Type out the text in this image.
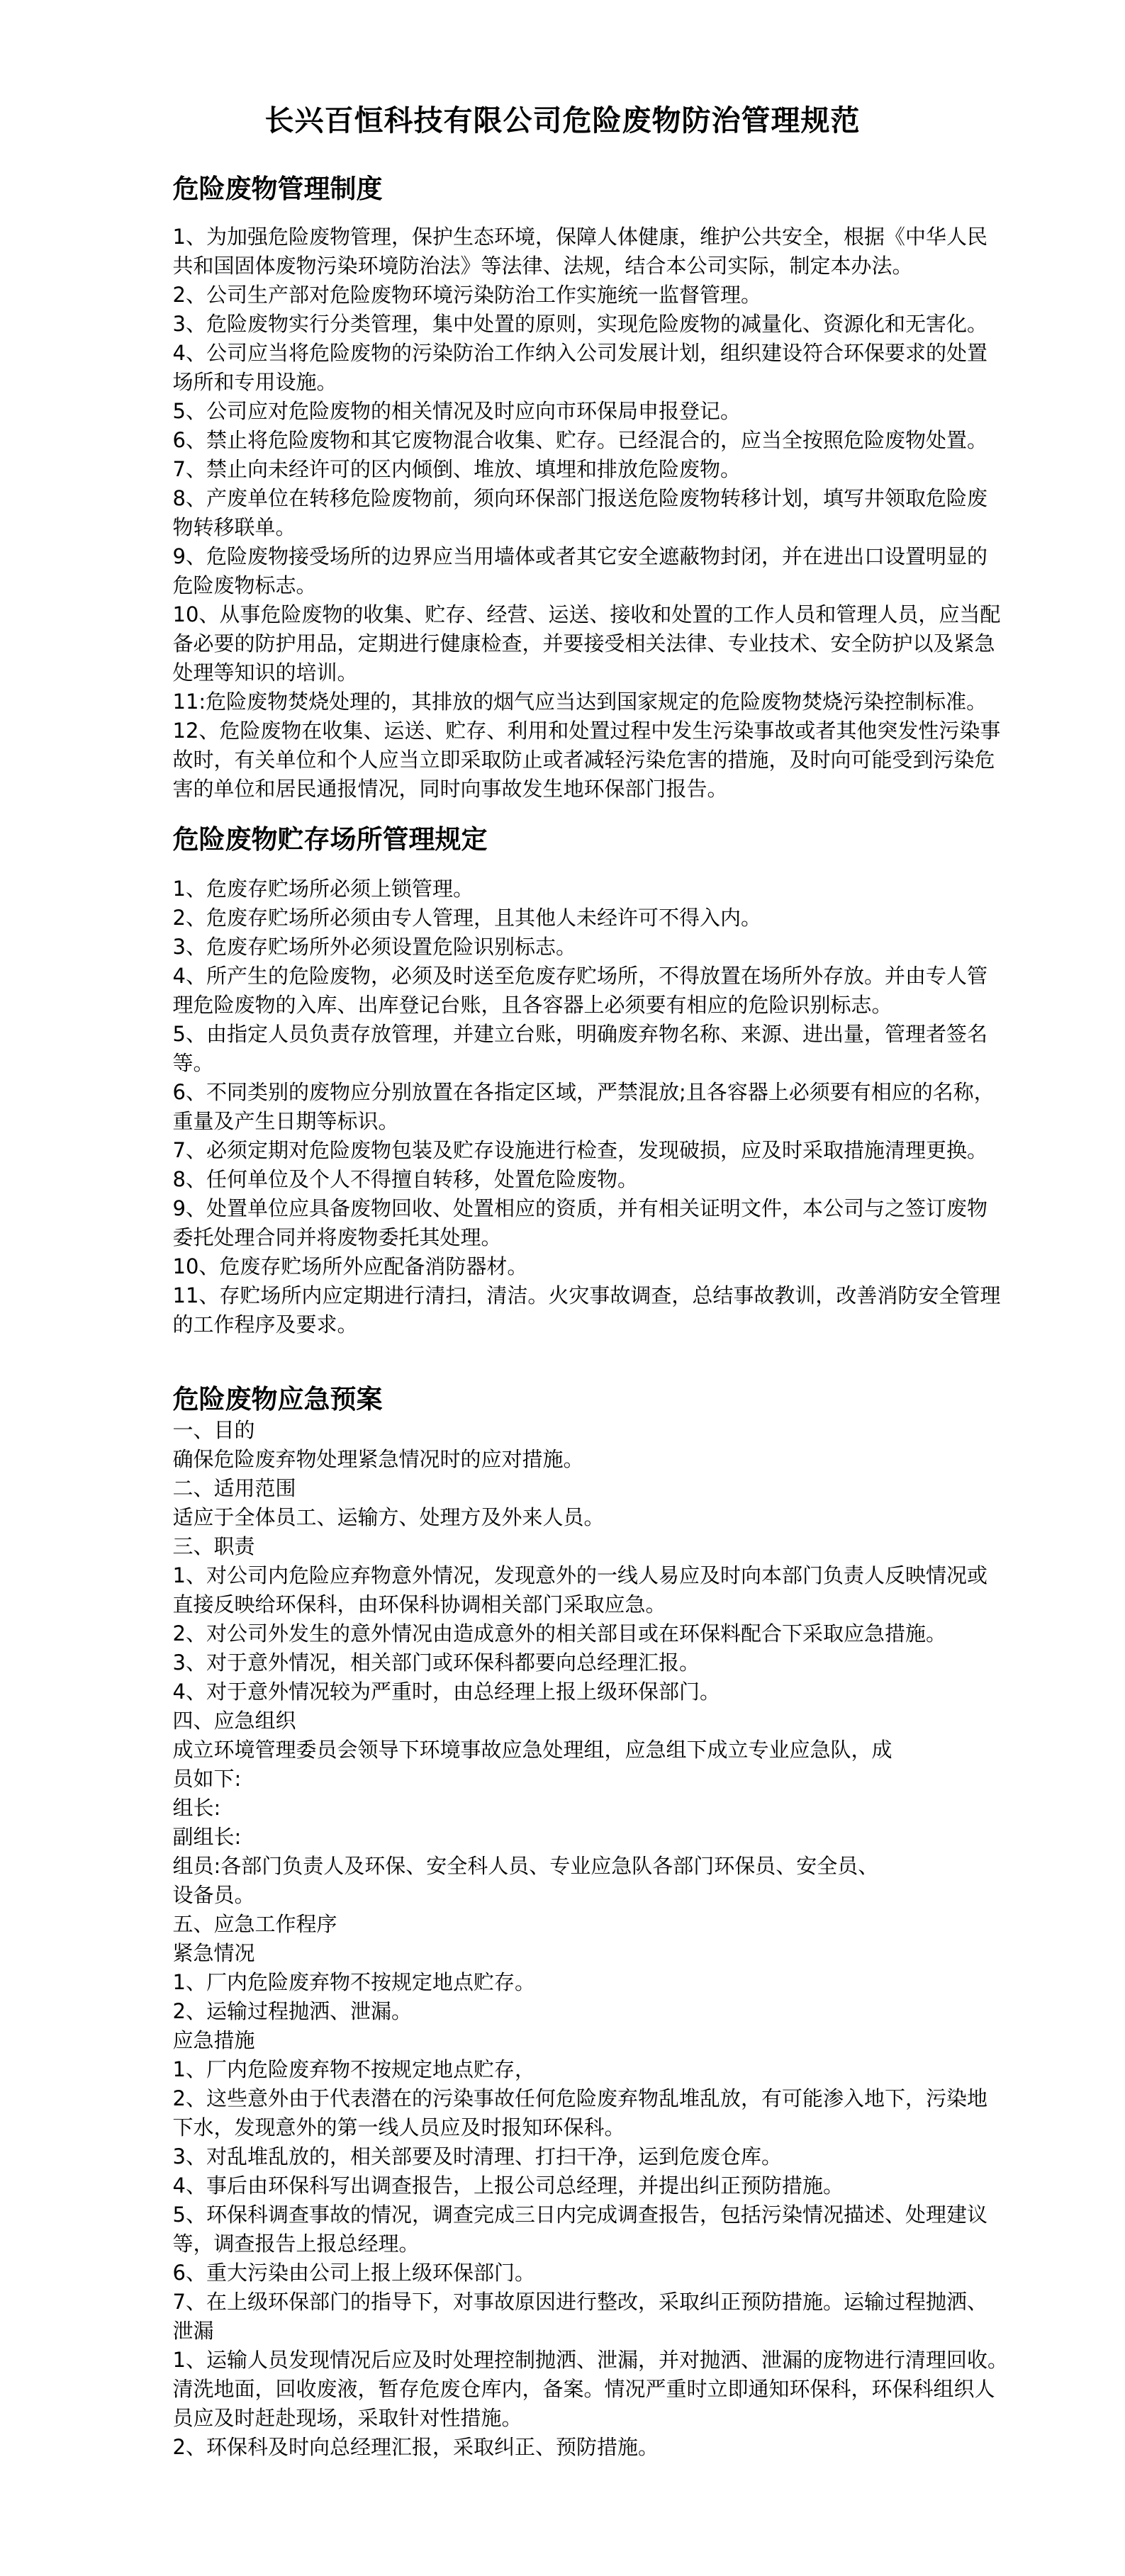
长兴百恒科技有限公司危险废物防治管理规范
危险废物管理制度
1、为加强危险废物管理，保护生态环境，保障人体健康，维护公共安全，根据《中华人民
共和国固体废物污染环境防治法》等法律、法规，结合本公司实际，制定本办法。
2、公司生产部对危险废物环境污染防治工作实施统一监督管理。
3、危险废物实行分类管理，集中处置的原则，实现危险废物的减量化、资源化和无害化。
4、公司应当将危险废物的污染防治工作纳入公司发展计划，组织建设符合环保要求的处置
场所和专用设施。
5、公司应对危险废物的相关情况及时应向市环保局申报登记。
6、禁止将危险废物和其它废物混合收集、贮存。已经混合的，应当全按照危险废物处置。
7、禁止向未经许可的区内倾倒、堆放、填埋和排放危险废物。
8、产废单位在转移危险废物前，须向环保部门报送危险废物转移计划，填写井领取危险废
物转移联单。
9、危险废物接受场所的边界应当用墙体或者其它安全遮蔽物封闭，并在进出口设置明显的
危险废物标志。
10、从事危险废物的收集、贮存、经营、运送、接收和处置的工作人员和管理人员，应当配
备必要的防护用品，定期进行健康检查，并要接受相关法律、专业技术、安全防护以及紧急
处理等知识的培训。
11:危险废物焚烧处理的，其排放的烟气应当达到国家规定的危险废物焚烧污染控制标准。
12、危险废物在收集、运送、贮存、利用和处置过程中发生污染事故或者其他突发性污染事
故时，有关单位和个人应当立即采取防止或者减轻污染危害的措施，及时向可能受到污染危
害的单位和居民通报情况，同时向事故发生地环保部门报告。
危险废物贮存场所管理规定
1、危废存贮场所必须上锁管理。
2、危废存贮场所必须由专人管理，且其他人未经许可不得入内。
3、危废存贮场所外必须设置危险识别标志。
4、所产生的危险废物，必须及时送至危废存贮场所，不得放置在场所外存放。并由专人管
理危险废物的入库、出库登记台账，且各容器上必须要有相应的危险识别标志。
5、由指定人员负责存放管理，并建立台账，明确废弃物名称、来源、进出量，管理者签名
等。
6、不同类别的废物应分别放置在各指定区域，严禁混放;且各容器上必须要有相应的名称，
重量及产生日期等标识。
7、必须定期对危险废物包装及贮存设施进行检查，发现破损，应及时采取措施清理更换。
8、任何单位及个人不得擅自转移，处置危险废物。
9、处置单位应具备废物回收、处置相应的资质，并有相关证明文件，本公司与之签订废物
委托处理合同并将废物委托其处理。
10、危废存贮场所外应配备消防器材。
11、存贮场所内应定期进行清扫，清洁。火灾事故调查，总结事故教训，改善消防安全管理
的工作程序及要求。
危险废物应急预案
一、目的
确保危险废弃物处理紧急情况时的应对措施。
二、适用范围
适应于全体员工、运输方、处理方及外来人员。
三、职责
1、对公司内危险应弃物意外情况，发现意外的一线人易应及时向本部门负责人反映情况或
直接反映给环保科，由环保科协调相关部门采取应急。
2、对公司外发生的意外情况由造成意外的相关部目或在环保料配合下采取应急措施。
3、对于意外情况，相关部门或环保科都要向总经理汇报。
4、对于意外情况较为严重时，由总经理上报上级环保部门。
四、应急组织
成立环境管理委员会领导下环境事故应急处理组，应急组下成立专业应急队，成
员如下:
组长:
副组长:
组员:各部门负责人及环保、安全科人员、专业应急队各部门环保员、安全员、
设备员。
五、应急工作程序
紧急情况
1、厂内危险废弃物不按规定地点贮存。
2、运输过程抛洒、泄漏。
应急措施
1、厂内危险废弃物不按规定地点贮存，
2、这些意外由于代表潜在的污染事故任何危险废弃物乱堆乱放，有可能渗入地下，污染地
下水，发现意外的第一线人员应及时报知环保科。
3、对乱堆乱放的，相关部要及时清理、打扫干净，运到危废仓库。
4、事后由环保科写出调查报告，上报公司总经理，并提出纠正预防措施。
5、环保科调查事故的情况，调查完成三日内完成调查报告，包括污染情况描述、处理建议
等，调查报告上报总经理。
6、重大污染由公司上报上级环保部门。
7、在上级环保部门的指导下，对事故原因进行整改，采取纠正预防措施。运输过程抛洒、
泄漏
1、运输人员发现情况后应及时处理控制抛洒、泄漏，并对抛洒、泄漏的庞物进行清理回收。
清洗地面，回收废液，暂存危废仓库内，备案。情况严重时立即通知环保科，环保科组织人
员应及时赶赴现场，采取针对性措施。
2、环保科及时向总经理汇报，采取纠正、预防措施。
